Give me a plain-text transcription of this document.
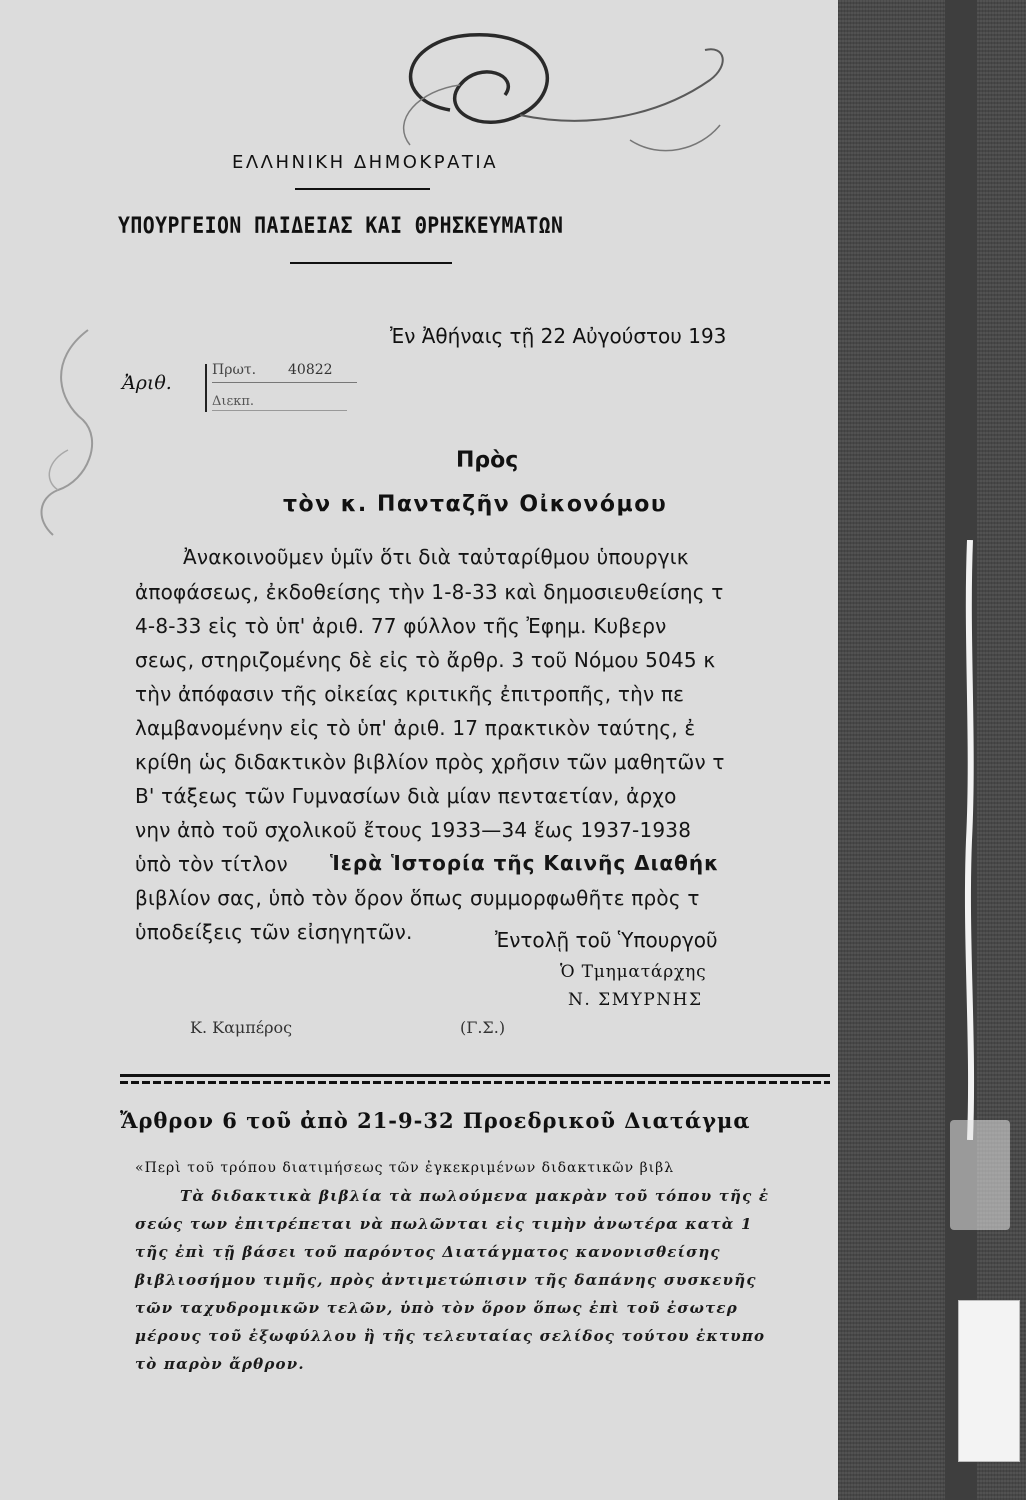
ΕΛΛΗΝΙΚΗ ΔΗΜΟΚΡΑΤΙΑ

ΥΠΟΥΡΓΕΙΟΝ ΠΑΙΔΕΙΑΣ ΚΑΙ ΘΡΗΣΚΕΥΜΑΤΩΝ

Ἐν Ἀθήναις τῇ 22 Αὐγούστου 193

Ἀριθ.

Πρωτ. 40822

Διεκπ.

Πρὸς

τὸν κ. Πανταζῆν Οἰκονόμου

Ἀνακοινοῦμεν ὑμῖν ὅτι διὰ ταὐταρίθμου ὑπουργικ

ἀποφάσεως, ἐκδοθείσης τὴν 1-8-33 καὶ δημοσιευθείσης τ

4-8-33 εἰς τὸ ὑπ' ἀριθ. 77 φύλλον τῆς Ἐφημ. Κυβερν

σεως, στηριζομένης δὲ εἰς τὸ ἄρθρ. 3 τοῦ Νόμου 5045 κ

τὴν ἀπόφασιν τῆς οἰκείας κριτικῆς ἐπιτροπῆς, τὴν πε

λαμβανομένην εἰς τὸ ὑπ' ἀριθ. 17 πρακτικὸν ταύτης, ἐ

κρίθη ὡς διδακτικὸν βιβλίον πρὸς χρῆσιν τῶν μαθητῶν τ

Β' τάξεως τῶν Γυμνασίων διὰ μίαν πενταετίαν, ἀρχο

νην ἀπὸ τοῦ σχολικοῦ ἔτους 1933—34 ἕως 1937-1938

ὑπὸ τὸν τίτλον Ἱερὰ Ἱστορία τῆς Καινῆς Διαθήκ

βιβλίον σας, ὑπὸ τὸν ὅρον ὅπως συμμορφωθῆτε πρὸς τ

ὑποδείξεις τῶν εἰσηγητῶν.	Ἐντολῇ τοῦ Ὑπουργοῦ

Ὁ Τμηματάρχης

Ν. ΣΜΥΡΝΗΣ

Κ. Καμπέρος	(Γ.Σ.)

Ἄρθρον 6 τοῦ ἀπὸ 21-9-32 Προεδρικοῦ Διατάγμα

«Περὶ τοῦ τρόπου διατιμήσεως τῶν ἐγκεκριμένων διδακτικῶν βιβλ

Τὰ διδακτικὰ βιβλία τὰ πωλούμενα μακρὰν τοῦ τόπου τῆς ἐ

σεώς των ἐπιτρέπεται νὰ πωλῶνται εἰς τιμὴν ἀνωτέρα κατὰ 1

τῆς ἐπὶ τῇ βάσει τοῦ παρόντος Διατάγματος κανονισθείσης

βιβλιοσήμου τιμῆς, πρὸς ἀντιμετώπισιν τῆς δαπάνης συσκευῆς

τῶν ταχυδρομικῶν τελῶν, ὑπὸ τὸν ὅρον ὅπως ἐπὶ τοῦ ἐσωτερ

μέρους τοῦ ἐξωφύλλου ἢ τῆς τελευταίας σελίδος τούτου ἐκτυπο

τὸ παρὸν ἄρθρον.
